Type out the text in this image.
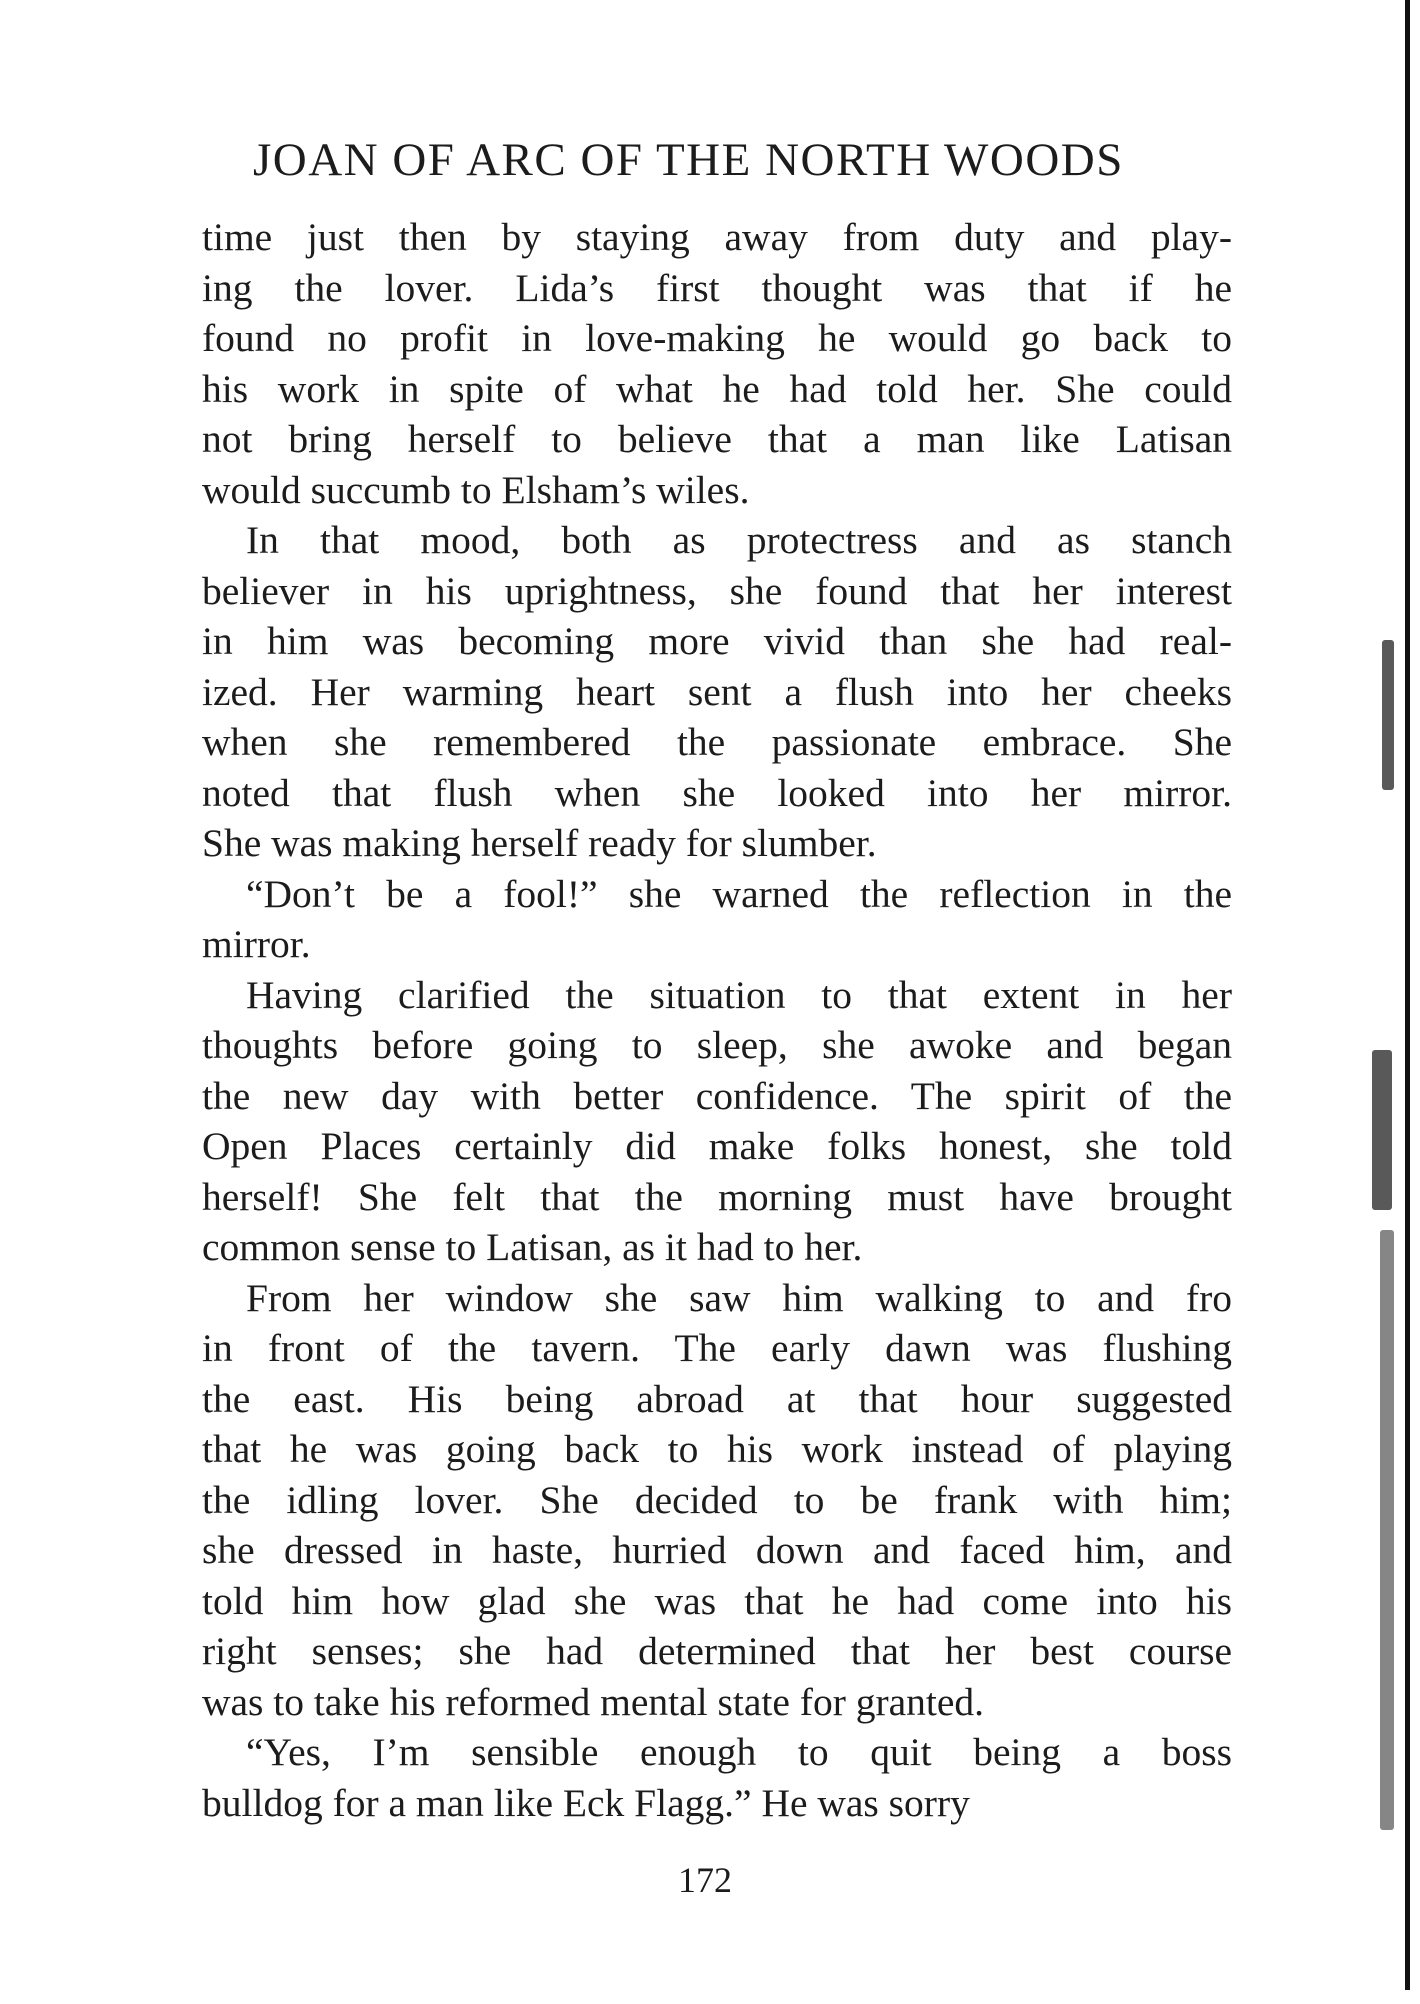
JOAN OF ARC OF THE NORTH WOODS
time just then by staying away from duty and play-
ing the lover. Lida’s first thought was that if he
found no profit in love-making he would go back to
his work in spite of what he had told her. She could
not bring herself to believe that a man like Latisan
would succumb to Elsham’s wiles.
In that mood, both as protectress and as stanch
believer in his uprightness, she found that her interest
in him was becoming more vivid than she had real-
ized. Her warming heart sent a flush into her cheeks
when she remembered the passionate embrace. She
noted that flush when she looked into her mirror.
She was making herself ready for slumber.
“Don’t be a fool!” she warned the reflection in the
mirror.
Having clarified the situation to that extent in her
thoughts before going to sleep, she awoke and began
the new day with better confidence. The spirit of the
Open Places certainly did make folks honest, she told
herself! She felt that the morning must have brought
common sense to Latisan, as it had to her.
From her window she saw him walking to and fro
in front of the tavern. The early dawn was flushing
the east. His being abroad at that hour suggested
that he was going back to his work instead of playing
the idling lover. She decided to be frank with him;
she dressed in haste, hurried down and faced him, and
told him how glad she was that he had come into his
right senses; she had determined that her best course
was to take his reformed mental state for granted.
“Yes, I’m sensible enough to quit being a boss
bulldog for a man like Eck Flagg.” He was sorry
172
